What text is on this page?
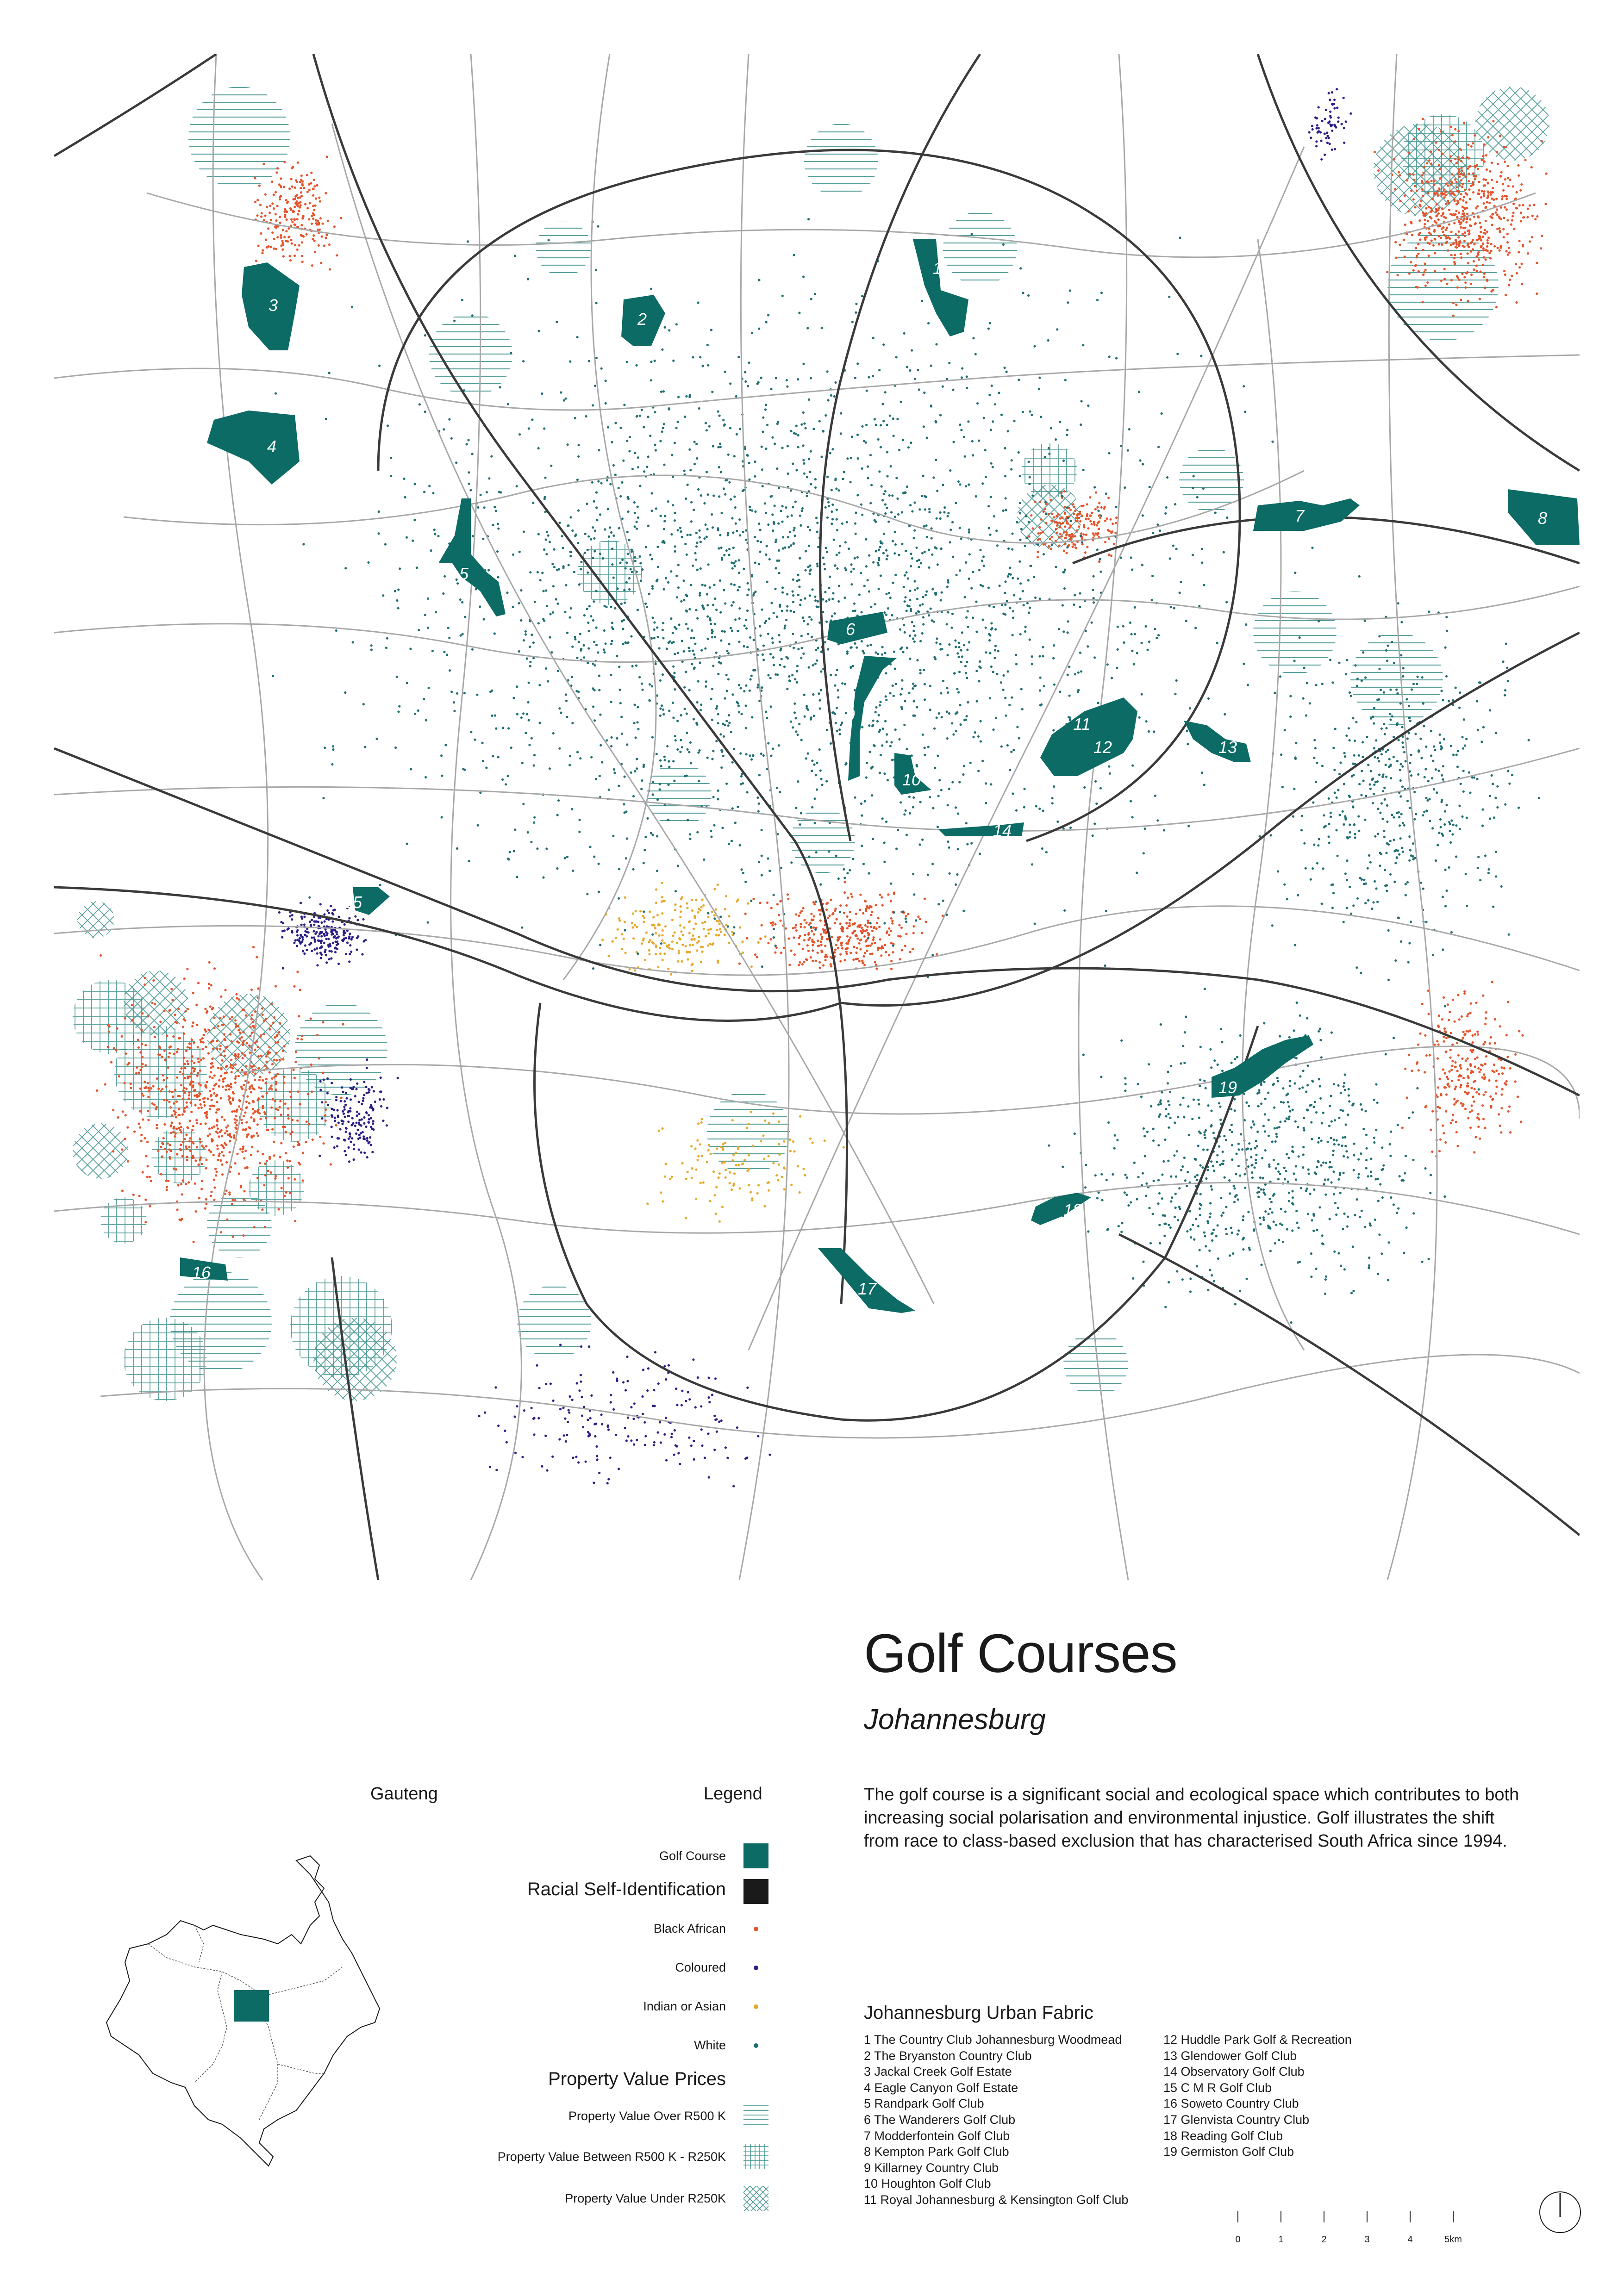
1
2
3
4
5
6
7	8
9
10
11
12	13
14
15
16
17
18
19
Golf Courses
Johannesburg
Gauteng	Legend	The golf course is a significant social and ecological space which contributes to both increasing social polarisation and environmental injustice. Golf illustrates the shift from race to class-based exclusion that has characterised South Africa since 1994.
Golf Course
Racial Self-Identification
Black African
Coloured
Indian or Asian
White
Property Value Prices
Property Value Over R500 K
Property Value Between R500 K - R250K
Property Value Under R250K
Johannesburg Urban Fabric
1 The Country Club Johannesburg Woodmead
2 The Bryanston Country Club
3 Jackal Creek Golf Estate
4 Eagle Canyon Golf Estate
5 Randpark Golf Club
6 The Wanderers Golf Club
7 Modderfontein Golf Club
8 Kempton Park Golf Club
9 Killarney Country Club
10 Houghton Golf Club
11 Royal Johannesburg & Kensington Golf Club
12 Huddle Park Golf & Recreation
13 Glendower Golf Club
14 Observatory Golf Club
15 C M R Golf Club
16 Soweto Country Club
17 Glenvista Country Club
18 Reading Golf Club
19 Germiston Golf Club
0	1	2	3	4	5km
